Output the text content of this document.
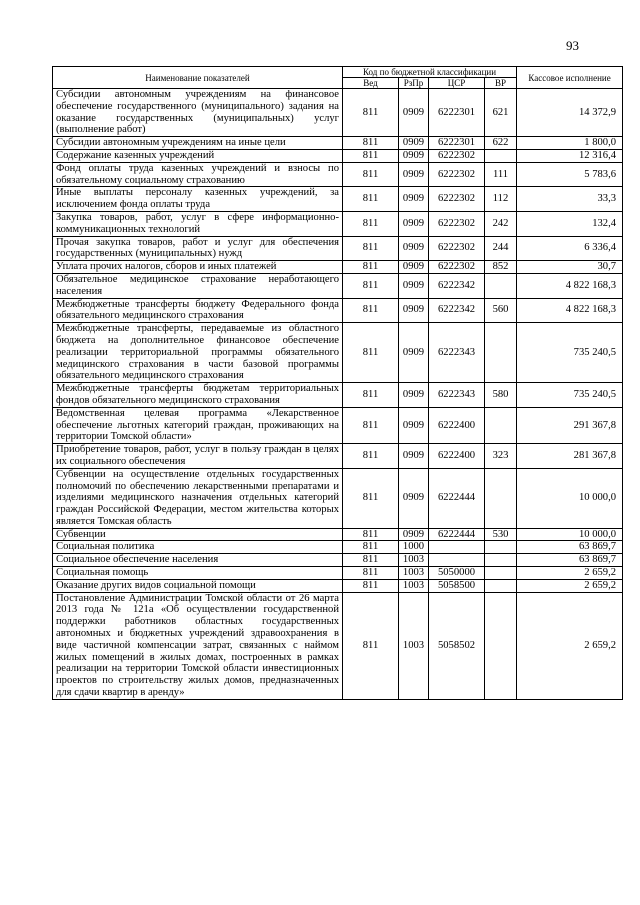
93
Наименование показателей	Код по бюджетной классификации				Кассовое исполнение
	Вед	РзПр	ЦСР	ВР	
Субсидии автономным учреждениям на финансовое обеспечение государственного (муниципального) задания на оказание государственных (муниципальных) услуг (выполнение работ)	811	0909	6222301	621	14 372,9
Субсидии автономным учреждениям на иные цели	811	0909	6222301	622	1 800,0
Содержание казенных учреждений	811	0909	6222302		12 316,4
Фонд оплаты труда казенных учреждений и взносы по обязательному социальному страхованию	811	0909	6222302	111	5 783,6
Иные выплаты персоналу казенных учреждений, за исключением фонда оплаты труда	811	0909	6222302	112	33,3
Закупка товаров, работ, услуг в сфере информационно-коммуникационных технологий	811	0909	6222302	242	132,4
Прочая закупка товаров, работ и услуг для обеспечения государственных (муниципальных) нужд	811	0909	6222302	244	6 336,4
Уплата прочих налогов, сборов и иных платежей	811	0909	6222302	852	30,7
Обязательное медицинское страхование неработающего населения	811	0909	6222342		4 822 168,3
Межбюджетные трансферты бюджету Федерального фонда обязательного медицинского страхования	811	0909	6222342	560	4 822 168,3
Межбюджетные трансферты, передаваемые из областного бюджета на дополнительное финансовое обеспечение реализации территориальной программы обязательного медицинского страхования в части базовой программы обязательного медицинского страхования	811	0909	6222343		735 240,5
Межбюджетные трансферты бюджетам территориальных фондов обязательного медицинского страхования	811	0909	6222343	580	735 240,5
Ведомственная целевая программа «Лекарственное обеспечение льготных категорий граждан, проживающих на территории Томской области»	811	0909	6222400		291 367,8
Приобретение товаров, работ, услуг в пользу граждан в целях их социального обеспечения	811	0909	6222400	323	281 367,8
Субвенции на осуществление отдельных государственных полномочий по обеспечению лекарственными препаратами и изделиями медицинского назначения отдельных категорий граждан Российской Федерации, местом жительства которых является Томская область	811	0909	6222444		10 000,0
Субвенции	811	0909	6222444	530	10 000,0
Социальная политика	811	1000			63 869,7
Социальное обеспечение населения	811	1003			63 869,7
Социальная помощь	811	1003	5050000		2 659,2
Оказание других видов социальной помощи	811	1003	5058500		2 659,2
Постановление Администрации Томской области от 26 марта 2013 года № 121а «Об осуществлении государственной поддержки работников областных государственных автономных и бюджетных учреждений здравоохранения в виде частичной компенсации затрат, связанных с наймом жилых помещений в жилых домах, построенных в рамках реализации на территории Томской области инвестиционных проектов по строительству жилых домов, предназначенных для сдачи квартир в аренду»	811	1003	5058502		2 659,2
